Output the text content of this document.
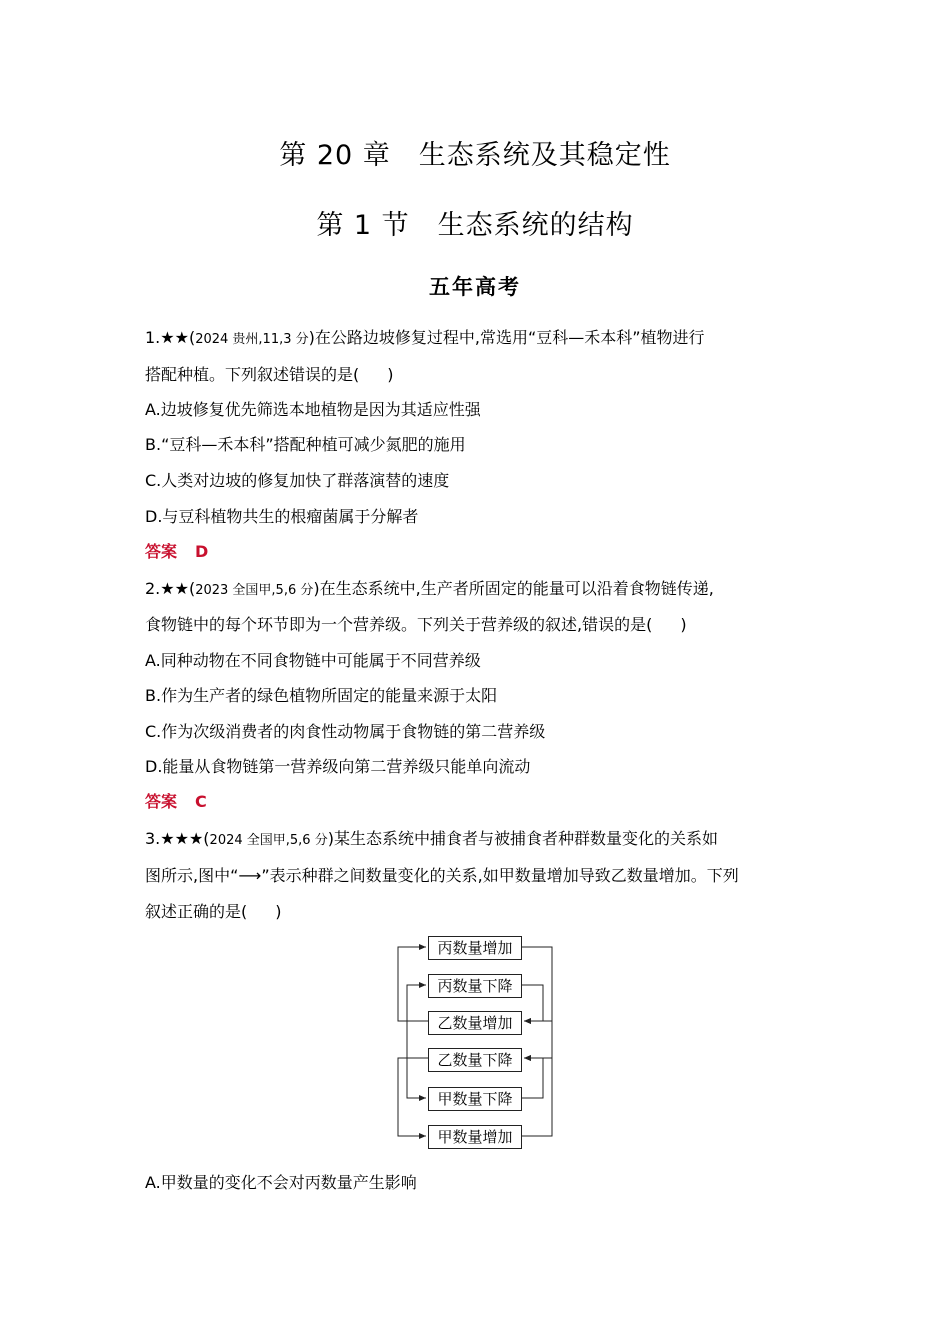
第 20 章　生态系统及其稳定性
第 1 节　生态系统的结构
五年高考
1.★★(2024 贵州,11,3 分)在公路边坡修复过程中,常选用“豆科—禾本科”植物进行
搭配种植。下列叙述错误的是( )
A.边坡修复优先筛选本地植物是因为其适应性强
B.“豆科—禾本科”搭配种植可减少氮肥的施用
C.人类对边坡的修复加快了群落演替的速度
D.与豆科植物共生的根瘤菌属于分解者
答案 D
2.★★(2023 全国甲,5,6 分)在生态系统中,生产者所固定的能量可以沿着食物链传递,
食物链中的每个环节即为一个营养级。下列关于营养级的叙述,错误的是( )
A.同种动物在不同食物链中可能属于不同营养级
B.作为生产者的绿色植物所固定的能量来源于太阳
C.作为次级消费者的肉食性动物属于食物链的第二营养级
D.能量从食物链第一营养级向第二营养级只能单向流动
答案 C
3.★★★(2024 全国甲,5,6 分)某生态系统中捕食者与被捕食者种群数量变化的关系如
图所示,图中“⟶”表示种群之间数量变化的关系,如甲数量增加导致乙数量增加。下列
叙述正确的是( )
丙数量增加
丙数量下降
乙数量增加
乙数量下降
甲数量下降
甲数量增加
A.甲数量的变化不会对丙数量产生影响
